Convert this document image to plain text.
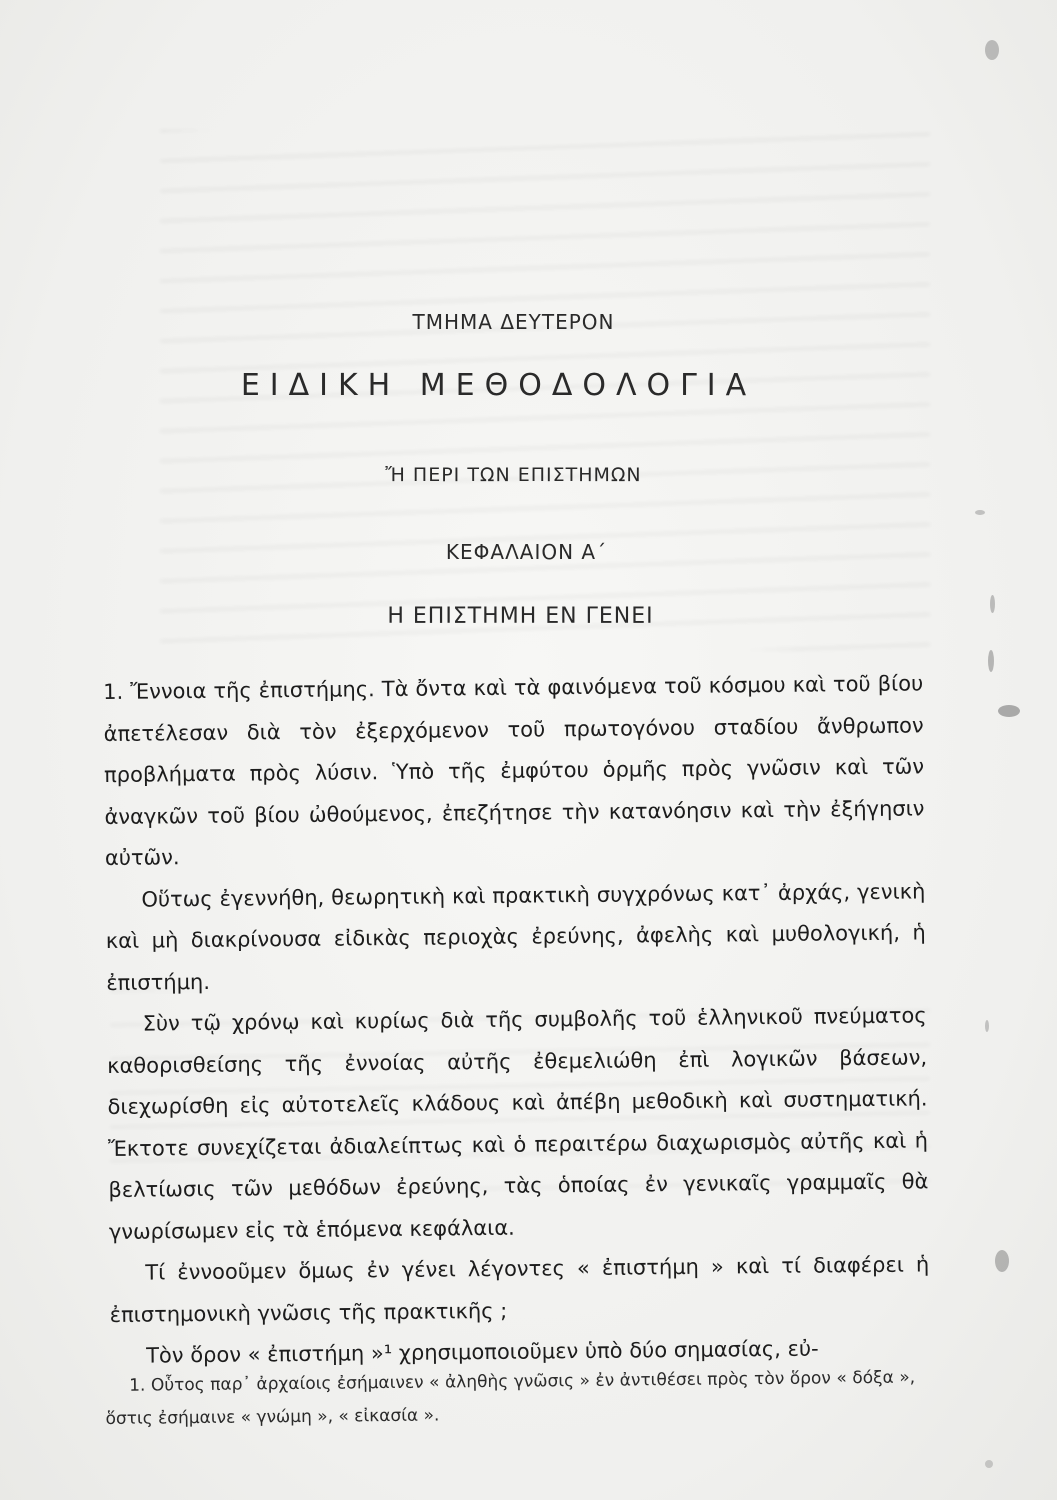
ΤΜΗΜΑ ΔΕΥΤΕΡΟΝ
ΕΙΔΙΚΗ ΜΕΘΟΔΟΛΟΓΙΑ
Ἤ ΠΕΡΙ ΤΩΝ ΕΠΙΣΤΗΜΩΝ
ΚΕΦΑΛΑΙΟΝ Α΄
Η ΕΠΙΣΤΗΜΗ ΕΝ ΓΕΝΕΙ

1. Ἔννοια τῆς ἐπιστήμης. Τὰ ὄντα καὶ τὰ φαινόμενα τοῦ κόσμου καὶ τοῦ βίου ἀπετέλεσαν διὰ τὸν ἐξερχόμενον τοῦ πρωτογόνου σταδίου ἄνθρωπον προβλήματα πρὸς λύσιν. Ὑπὸ τῆς ἐμφύτου ὁρμῆς πρὸς γνῶσιν καὶ τῶν ἀναγκῶν τοῦ βίου ὠθούμενος, ἐπεζήτησε τὴν κατανόησιν καὶ τὴν ἐξήγησιν αὐτῶν.

Οὕτως ἐγεννήθη, θεωρητικὴ καὶ πρακτικὴ συγχρόνως κατ᾽ ἀρχάς, γενικὴ καὶ μὴ διακρίνουσα εἰδικὰς περιοχὰς ἐρεύνης, ἀφελὴς καὶ μυθολογική, ἡ ἐπιστήμη.

Σὺν τῷ χρόνῳ καὶ κυρίως διὰ τῆς συμβολῆς τοῦ ἑλληνικοῦ πνεύματος καθορισθείσης τῆς ἐννοίας αὐτῆς ἐθεμελιώθη ἐπὶ λογικῶν βάσεων, διεχωρίσθη εἰς αὐτοτελεῖς κλάδους καὶ ἀπέβη μεθοδικὴ καὶ συστηματική. Ἔκτοτε συνεχίζεται ἀδιαλείπτως καὶ ὁ περαιτέρω διαχωρισμὸς αὐτῆς καὶ ἡ βελτίωσις τῶν μεθόδων ἐρεύνης, τὰς ὁποίας ἐν γενικαῖς γραμμαῖς θὰ γνωρίσωμεν εἰς τὰ ἑπόμενα κεφάλαια.

Τί ἐννοοῦμεν ὅμως ἐν γένει λέγοντες « ἐπιστήμη » καὶ τί διαφέρει ἡ ἐπιστημονικὴ γνῶσις τῆς πρακτικῆς ;

Τὸν ὅρον « ἐπιστήμη »¹ χρησιμοποιοῦμεν ὑπὸ δύο σημασίας, εὐ-

1. Οὗτος παρ᾽ ἀρχαίοις ἐσήμαινεν « ἀληθὴς γνῶσις » ἐν ἀντιθέσει πρὸς τὸν ὅρον « δόξα », ὅστις ἐσήμαινε « γνώμη », « εἰκασία ».
